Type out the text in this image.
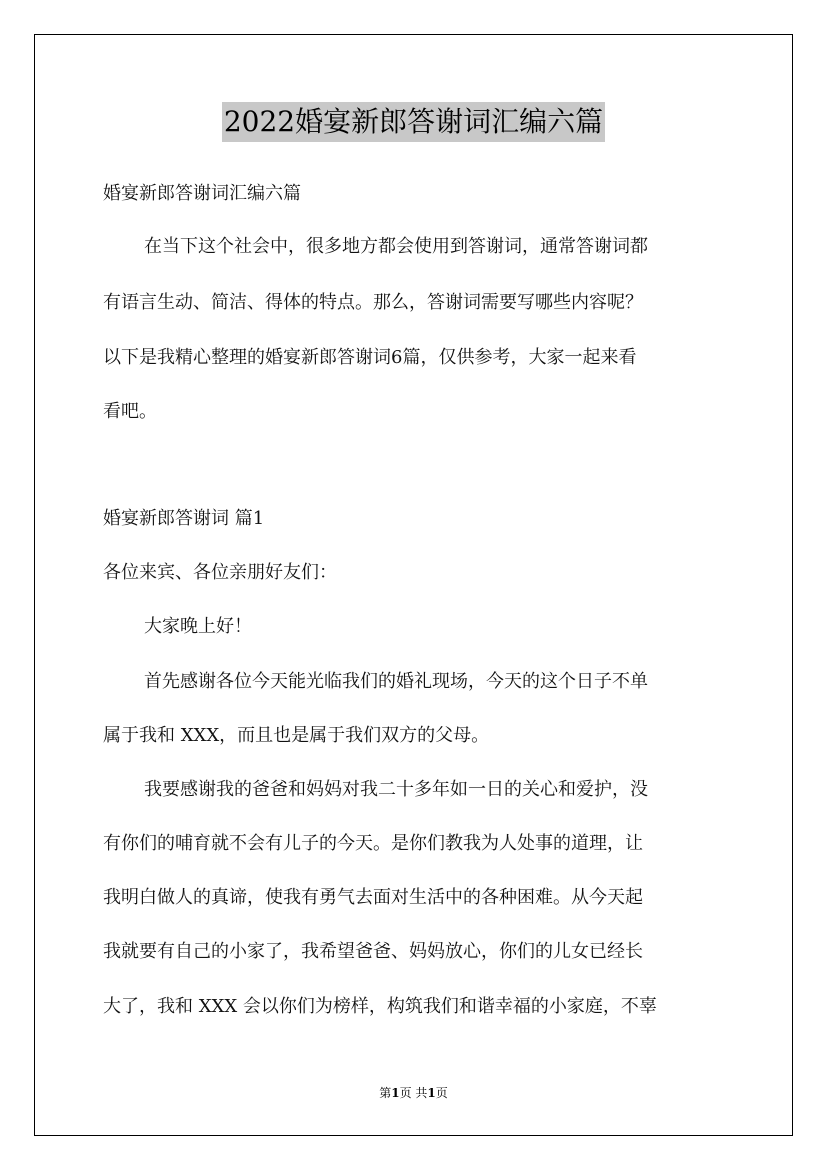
2022婚宴新郎答谢词汇编六篇
婚宴新郎答谢词汇编六篇
在当下这个社会中，很多地方都会使用到答谢词，通常答谢词都
有语言生动、简洁、得体的特点。那么，答谢词需要写哪些内容呢？
以下是我精心整理的婚宴新郎答谢词6篇，仅供参考，大家一起来看
看吧。
婚宴新郎答谢词 篇1
各位来宾、各位亲朋好友们：
大家晚上好！
首先感谢各位今天能光临我们的婚礼现场，今天的这个日子不单
属于我和 XXX，而且也是属于我们双方的父母。
我要感谢我的爸爸和妈妈对我二十多年如一日的关心和爱护，没
有你们的哺育就不会有儿子的今天。是你们教我为人处事的道理，让
我明白做人的真谛，使我有勇气去面对生活中的各种困难。从今天起
我就要有自己的小家了，我希望爸爸、妈妈放心，你们的儿女已经长
大了，我和 XXX 会以你们为榜样，构筑我们和谐幸福的小家庭，不辜
第1页 共1页
